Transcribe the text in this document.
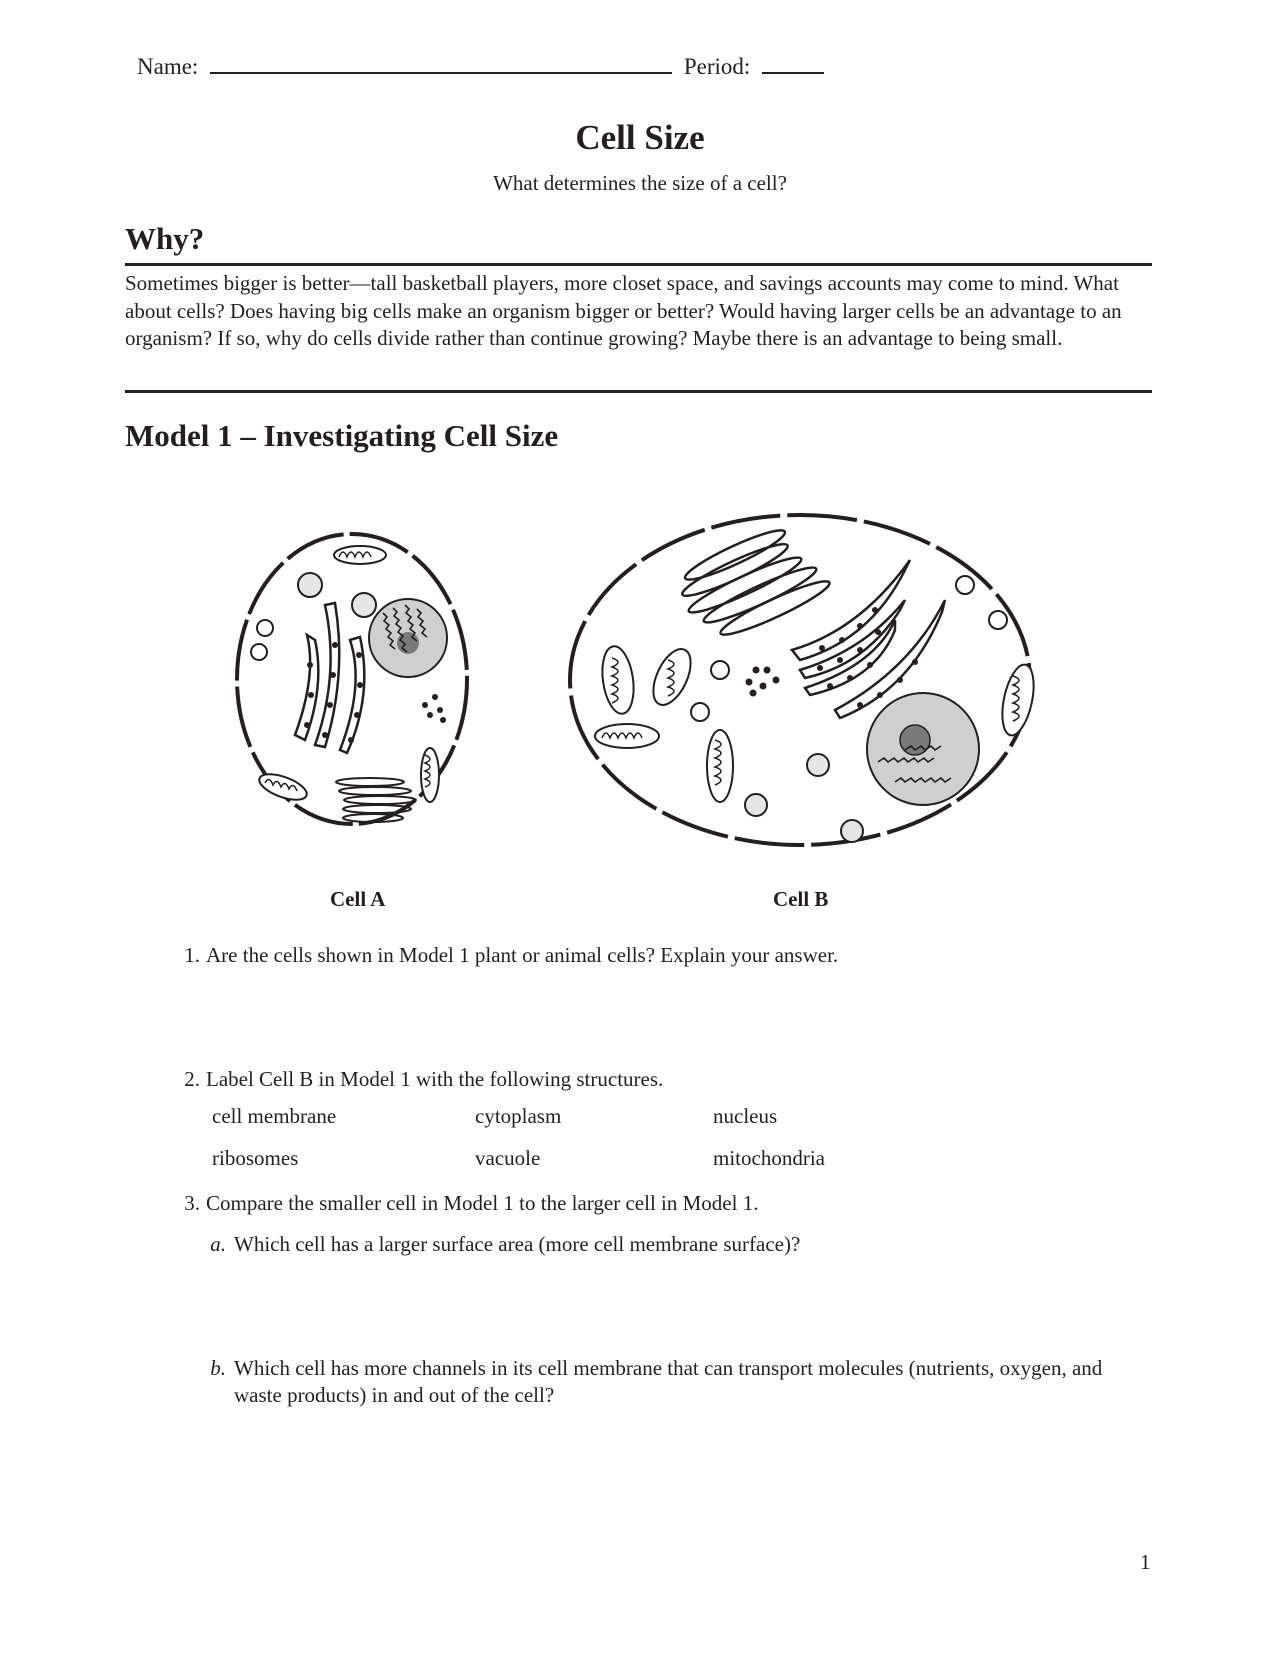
Name:	Period:
Cell Size
What determines the size of a cell?
Why?
Sometimes bigger is better—tall basketball players, more closet space, and savings accounts may come to mind. What about cells? Does having big cells make an organism bigger or better? Would having larger cells be an advantage to an organism? If so, why do cells divide rather than continue growing? Maybe there is an advantage to being small.
Model 1 – Investigating Cell Size
Cell A	Cell B
1. Are the cells shown in Model 1 plant or animal cells? Explain your answer.
2. Label Cell B in Model 1 with the following structures.
cell membrane	cytoplasm	nucleus
ribosomes	vacuole	mitochondria
3. Compare the smaller cell in Model 1 to the larger cell in Model 1.
a. Which cell has a larger surface area (more cell membrane surface)?
b. Which cell has more channels in its cell membrane that can transport molecules (nutrients, oxygen, and waste products) in and out of the cell?
1
